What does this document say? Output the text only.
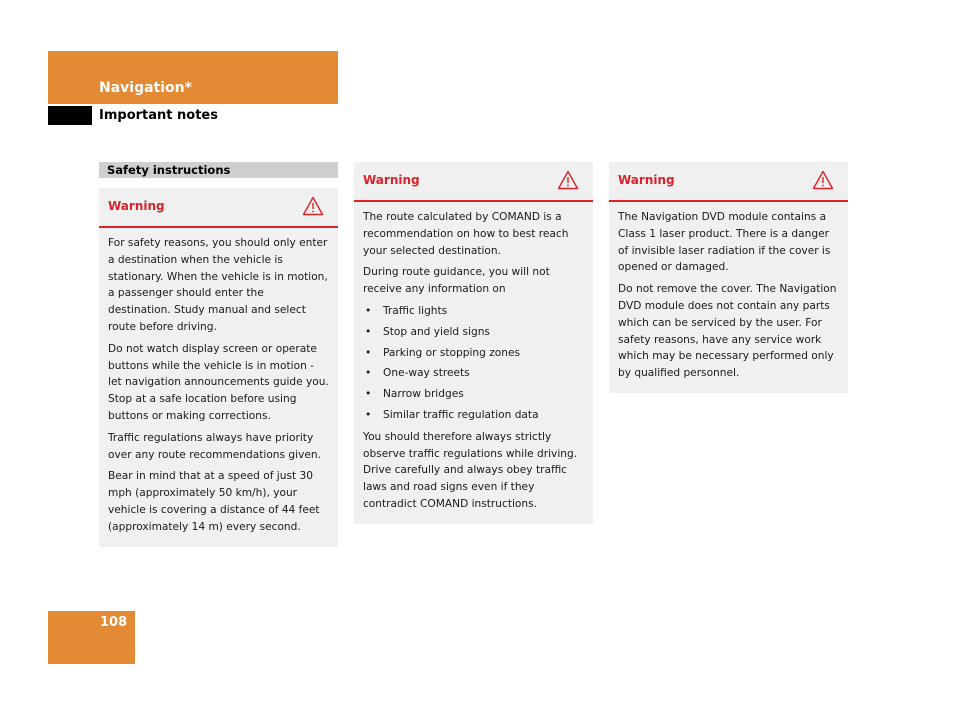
Navigation*
Important notes
Safety instructions
Warning

For safety reasons, you should only enter a destination when the vehicle is stationary. When the vehicle is in motion, a passenger should enter the destination. Study manual and select route before driving.

Do not watch display screen or operate buttons while the vehicle is in motion - let navigation announcements guide you. Stop at a safe location before using buttons or making corrections.

Traffic regulations always have priority over any route recommendations given.

Bear in mind that at a speed of just 30 mph (approximately 50 km/h), your vehicle is covering a distance of 44 feet (approximately 14 m) every second.

Warning

The route calculated by COMAND is a recommendation on how to best reach your selected destination.

During route guidance, you will not receive any information on

• Traffic lights
• Stop and yield signs
• Parking or stopping zones
• One-way streets
• Narrow bridges
• Similar traffic regulation data

You should therefore always strictly observe traffic regulations while driving. Drive carefully and always obey traffic laws and road signs even if they contradict COMAND instructions.

Warning

The Navigation DVD module contains a Class 1 laser product. There is a danger of invisible laser radiation if the cover is opened or damaged.

Do not remove the cover. The Navigation DVD module does not contain any parts which can be serviced by the user. For safety reasons, have any service work which may be necessary performed only by qualified personnel.

108
